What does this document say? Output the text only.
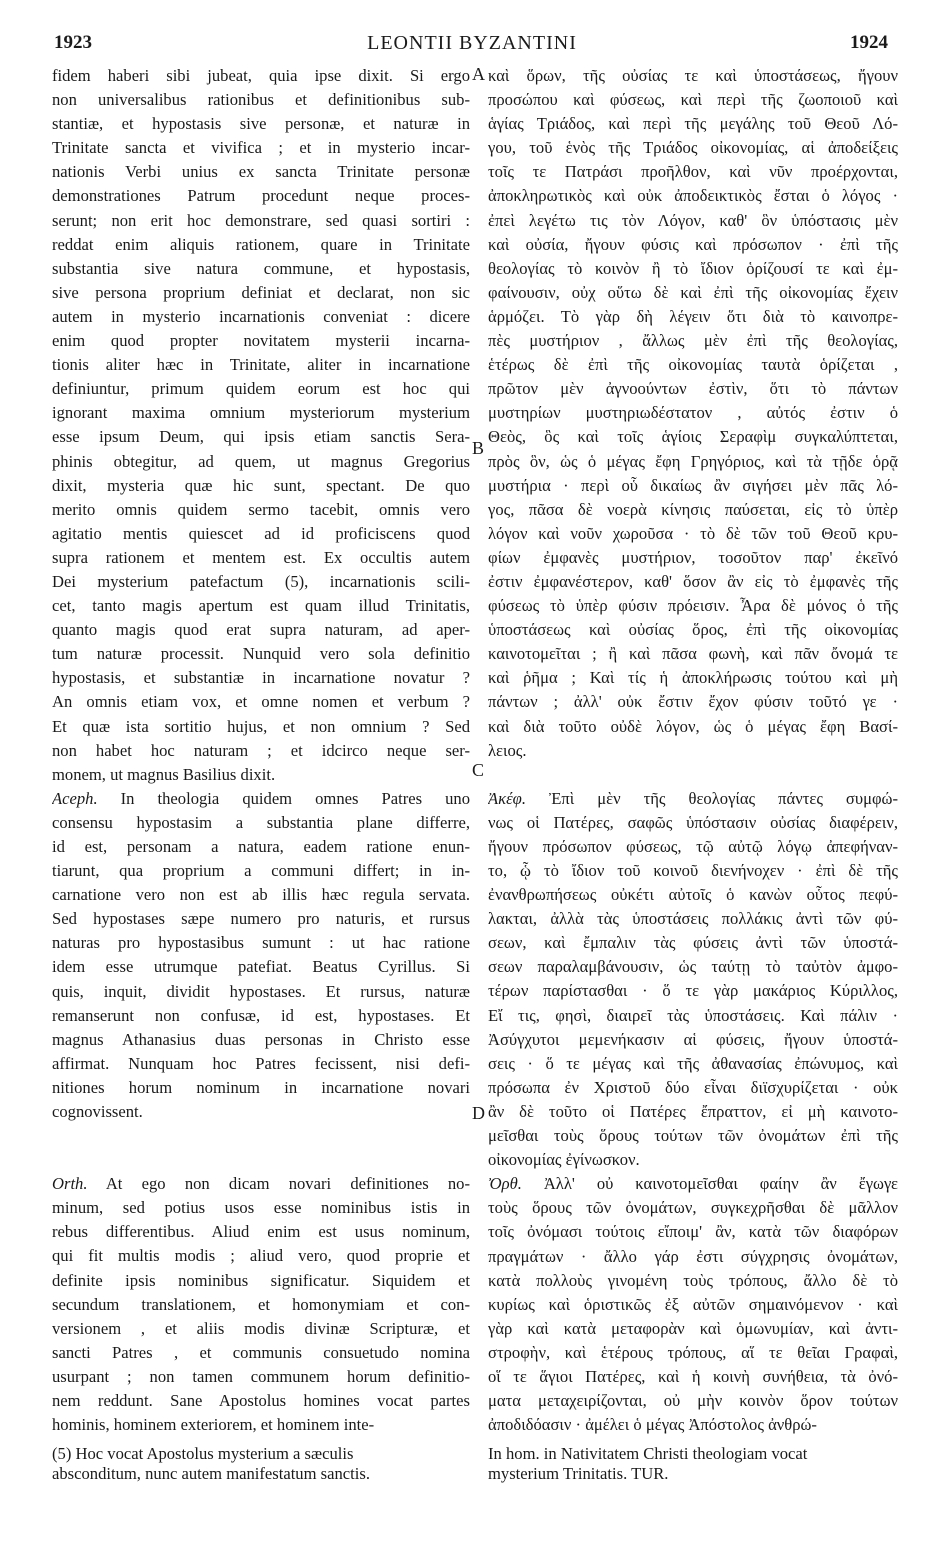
1923	LEONTII BYZANTINI	1924
A
B
C
D
fidem haberi sibi jubeat, quia ipse dixit. Si ergo
non universalibus rationibus et definitionibus sub-
stantiæ, et hypostasis sive personæ, et naturæ in
Trinitate sancta et vivifica ; et in mysterio incar-
nationis Verbi unius ex sancta Trinitate personæ
demonstrationes Patrum procedunt neque proces-
serunt; non erit hoc demonstrare, sed quasi sortiri :
reddat enim aliquis rationem, quare in Trinitate
substantia sive natura commune, et hypostasis,
sive persona proprium definiat et declarat, non sic
autem in mysterio incarnationis conveniat : dicere
enim quod propter novitatem mysterii incarna-
tionis aliter hæc in Trinitate, aliter in incarnatione
definiuntur, primum quidem eorum est hoc qui
ignorant maxima omnium mysteriorum mysterium
esse ipsum Deum, qui ipsis etiam sanctis Sera-
phinis obtegitur, ad quem, ut magnus Gregorius
dixit, mysteria quæ hic sunt, spectant. De quo
merito omnis quidem sermo tacebit, omnis vero
agitatio mentis quiescet ad id proficiscens quod
supra rationem et mentem est. Ex occultis autem
Dei mysterium patefactum (5), incarnationis scili-
cet, tanto magis apertum est quam illud Trinitatis,
quanto magis quod erat supra naturam, ad aper-
tum naturæ processit. Nunquid vero sola definitio
hypostasis, et substantiæ in incarnatione novatur ?
An omnis etiam vox, et omne nomen et verbum ?
Et quæ ista sortitio hujus, et non omnium ? Sed
non habet hoc naturam ; et idcirco neque ser-
monem, ut magnus Basilius dixit.
Aceph. In theologia quidem omnes Patres uno
consensu hypostasim a substantia plane differre,
id est, personam a natura, eadem ratione enun-
tiarunt, qua proprium a communi differt; in in-
carnatione vero non est ab illis hæc regula servata.
Sed hypostases sæpe numero pro naturis, et rursus
naturas pro hypostasibus sumunt : ut hac ratione
idem esse utrumque patefiat. Beatus Cyrillus. Si
quis, inquit, dividit hypostases. Et rursus, naturæ
remanserunt non confusæ, id est, hypostases. Et
magnus Athanasius duas personas in Christo esse
affirmat. Nunquam hoc Patres fecissent, nisi defi-
nitiones horum nominum in incarnatione novari
cognovissent.
Orth. At ego non dicam novari definitiones no-
minum, sed potius usos esse nominibus istis in
rebus differentibus. Aliud enim est usus nominum,
qui fit multis modis ; aliud vero, quod proprie et
definite ipsis nominibus significatur. Siquidem et
secundum translationem, et homonymiam et con-
versionem , et aliis modis divinæ Scripturæ, et
sancti Patres , et communis consuetudo nomina
usurpant ; non tamen communem horum definitio-
nem reddunt. Sane Apostolus homines vocat partes
hominis, hominem exteriorem, et hominem inte-
καὶ ὅρων, τῆς οὐσίας τε καὶ ὑποστάσεως, ἤγουν
προσώπου καὶ φύσεως, καὶ περὶ τῆς ζωοποιοῦ καὶ
ἁγίας Τριάδος, καὶ περὶ τῆς μεγάλης τοῦ Θεοῦ Λό-
γου, τοῦ ἑνὸς τῆς Τριάδος οἰκονομίας, αἱ ἀποδείξεις
τοῖς τε Πατράσι προῆλθον, καὶ νῦν προέρχονται,
ἀποκληρωτικὸς καὶ οὐκ ἀποδεικτικὸς ἔσται ὁ λόγος ·
ἐπεὶ λεγέτω τις τὸν Λόγον, καθ' ὃν ὑπόστασις μὲν
καὶ οὐσία, ἤγουν φύσις καὶ πρόσωπον · ἐπὶ τῆς
θεολογίας τὸ κοινὸν ἢ τὸ ἴδιον ὁρίζουσί τε καὶ ἐμ-
φαίνουσιν, οὐχ οὕτω δὲ καὶ ἐπὶ τῆς οἰκονομίας ἔχειν
ἁρμόζει. Τὸ γὰρ δὴ λέγειν ὅτι διὰ τὸ καινοπρε-
πὲς μυστήριον , ἄλλως μὲν ἐπὶ τῆς θεολογίας,
ἑτέρως δὲ ἐπὶ τῆς οἰκονομίας ταυτὰ ὁρίζεται ,
πρῶτον μὲν ἀγνοούντων ἐστὶν, ὅτι τὸ πάντων
μυστηρίων μυστηριωδέστατον , αὐτός ἐστιν ὁ
Θεὸς, ὃς καὶ τοῖς ἁγίοις Σεραφὶμ συγκαλύπτεται,
πρὸς ὃν, ὡς ὁ μέγας ἔφη Γρηγόριος, καὶ τὰ τῇδε ὁρᾷ
μυστήρια · περὶ οὗ δικαίως ἂν σιγήσει μὲν πᾶς λό-
γος, πᾶσα δὲ νοερὰ κίνησις παύσεται, εἰς τὸ ὑπὲρ
λόγον καὶ νοῦν χωροῦσα · τὸ δὲ τῶν τοῦ Θεοῦ κρυ-
φίων ἐμφανὲς μυστήριον, τοσοῦτον παρ' ἐκεῖνό
ἐστιν ἐμφανέστερον, καθ' ὅσον ἂν εἰς τὸ ἐμφανὲς τῆς
φύσεως τὸ ὑπὲρ φύσιν πρόεισιν. Ἆρα δὲ μόνος ὁ τῆς
ὑποστάσεως καὶ οὐσίας ὅρος, ἐπὶ τῆς οἰκονομίας
καινοτομεῖται ; ἢ καὶ πᾶσα φωνὴ, καὶ πᾶν ὄνομά τε
καὶ ῥῆμα ; Καὶ τίς ἡ ἀποκλήρωσις τούτου καὶ μὴ
πάντων ; ἀλλ' οὐκ ἔστιν ἔχον φύσιν τοῦτό γε ·
καὶ διὰ τοῦτο οὐδὲ λόγον, ὡς ὁ μέγας ἔφη Βασί-
λειος.
Ἀκέφ. Ἐπὶ μὲν τῆς θεολογίας πάντες συμφώ-
νως οἱ Πατέρες, σαφῶς ὑπόστασιν οὐσίας διαφέρειν,
ἤγουν πρόσωπον φύσεως, τῷ αὐτῷ λόγῳ ἀπεφήναν-
το, ᾧ τὸ ἴδιον τοῦ κοινοῦ διενήνοχεν · ἐπὶ δὲ τῆς
ἐνανθρωπήσεως οὐκέτι αὐτοῖς ὁ κανὼν οὗτος πεφύ-
λακται, ἀλλὰ τὰς ὑποστάσεις πολλάκις ἀντὶ τῶν φύ-
σεων, καὶ ἔμπαλιν τὰς φύσεις ἀντὶ τῶν ὑποστά-
σεων παραλαμβάνουσιν, ὡς ταύτῃ τὸ ταὐτὸν ἀμφο-
τέρων παρίστασθαι · ὅ τε γὰρ μακάριος Κύριλλος,
Εἴ τις, φησὶ, διαιρεῖ τὰς ὑποστάσεις. Καὶ πάλιν ·
Ἀσύγχυτοι μεμενήκασιν αἱ φύσεις, ἤγουν ὑποστά-
σεις · ὅ τε μέγας καὶ τῆς ἀθανασίας ἐπώνυμος, καὶ
πρόσωπα ἐν Χριστοῦ δύο εἶναι διϊσχυρίζεται · οὐκ
ἂν δὲ τοῦτο οἱ Πατέρες ἔπραττον, εἰ μὴ καινοτο-
μεῖσθαι τοὺς ὅρους τούτων τῶν ὀνομάτων ἐπὶ τῆς
οἰκονομίας ἐγίνωσκον.
Ὀρθ. Ἀλλ' οὐ καινοτομεῖσθαι φαίην ἂν ἔγωγε
τοὺς ὅρους τῶν ὀνομάτων, συγκεχρῆσθαι δὲ μᾶλλον
τοῖς ὀνόμασι τούτοις εἴποιμ' ἂν, κατὰ τῶν διαφόρων
πραγμάτων · ἄλλο γάρ ἐστι σύγχρησις ὀνομάτων,
κατὰ πολλοὺς γινομένη τοὺς τρόπους, ἄλλο δὲ τὸ
κυρίως καὶ ὁριστικῶς ἐξ αὐτῶν σημαινόμενον · καὶ
γὰρ καὶ κατὰ μεταφορὰν καὶ ὁμωνυμίαν, καὶ ἀντι-
στροφὴν, καὶ ἑτέρους τρόπους, αἵ τε θεῖαι Γραφαὶ,
οἵ τε ἅγιοι Πατέρες, καὶ ἡ κοινὴ συνήθεια, τὰ ὀνό-
ματα μεταχειρίζονται, οὐ μὴν κοινὸν ὅρον τούτων
ἀποδιδόασιν · ἀμέλει ὁ μέγας Ἀπόστολος ἀνθρώ-
(5) Hoc vocat Apostolus mysterium a sæculis
absconditum, nunc autem manifestatum sanctis.
In hom. in Nativitatem Christi theologiam vocat
mysterium Trinitatis. TUR.
